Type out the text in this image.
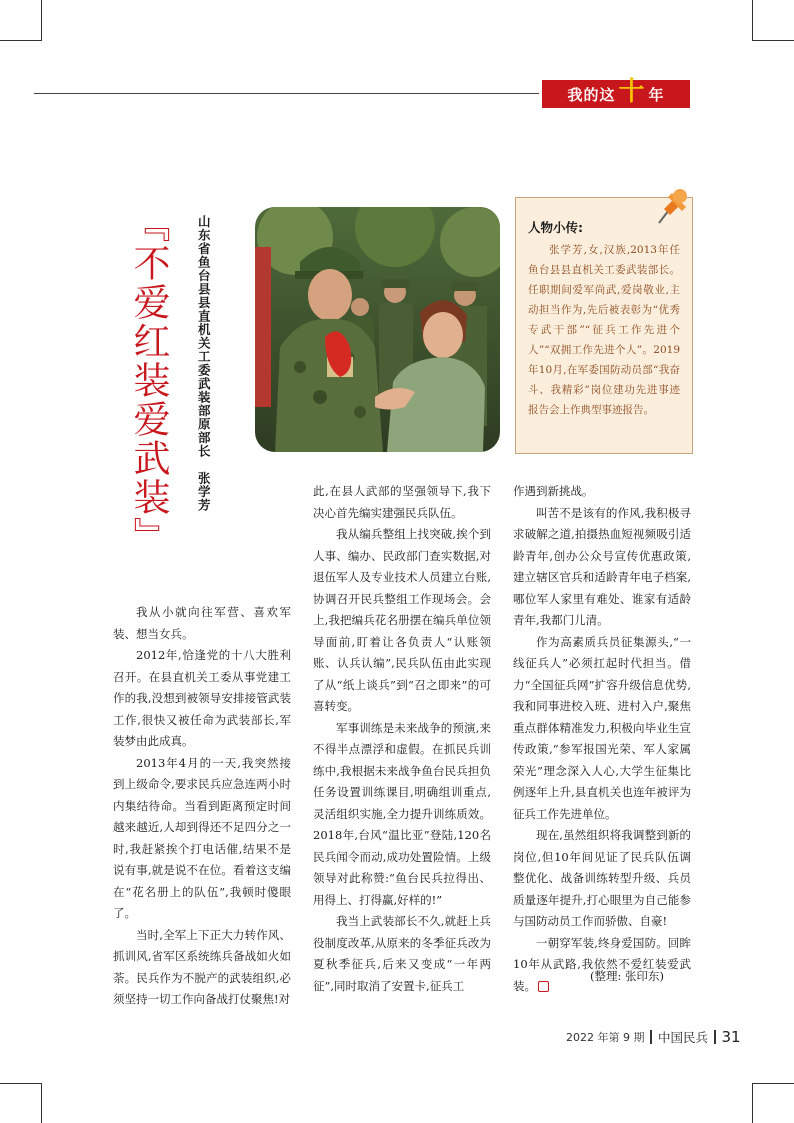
我的这 十 年
『不爱红装爱武装』 山东省鱼台县县直机关工委武装部原部长　张学芳	人物小传:

张学芳,女,汉族,2013年任鱼台县县直机关工委武装部长。任职期间爱军尚武,爱岗敬业,主动担当作为,先后被表彰为“优秀专武干部”“征兵工作先进个人”“双拥工作先进个人”。2019年10月,在军委国防动员部“我奋斗、我精彩”岗位建功先进事迹报告会上作典型事迹报告。

我从小就向往军营、喜欢军装、想当女兵。

2012年,恰逢党的十八大胜利召开。在县直机关工委从事党建工作的我,没想到被领导安排接管武装工作,很快又被任命为武装部长,军装梦由此成真。

2013年4月的一天,我突然接到上级命令,要求民兵应急连两小时内集结待命。当看到距离预定时间越来越近,人却到得还不足四分之一时,我赶紧挨个打电话催,结果不是说有事,就是说不在位。看着这支编在“花名册上的队伍”,我顿时傻眼了。

当时,全军上下正大力转作风、抓训风,省军区系统练兵备战如火如荼。民兵作为不脱产的武装组织,必须坚持一切工作向备战打仗聚焦!对

此,在县人武部的坚强领导下,我下决心首先编实建强民兵队伍。

我从编兵整组上找突破,挨个到人事、编办、民政部门查实数据,对退伍军人及专业技术人员建立台账,协调召开民兵整组工作现场会。会上,我把编兵花名册摆在编兵单位领导面前,盯着让各负责人“认账领账、认兵认编”,民兵队伍由此实现了从“纸上谈兵”到“召之即来”的可喜转变。

军事训练是未来战争的预演,来不得半点漂浮和虚假。在抓民兵训练中,我根据未来战争鱼台民兵担负任务设置训练课目,明确组训重点,灵活组织实施,全力提升训练质效。2018年,台风“温比亚”登陆,120名民兵闻令而动,成功处置险情。上级领导对此称赞:“鱼台民兵拉得出、用得上、打得赢,好样的!”

我当上武装部长不久,就赶上兵役制度改革,从原来的冬季征兵改为夏秋季征兵,后来又变成“一年两征”,同时取消了安置卡,征兵工

作遇到新挑战。

叫苦不是该有的作风,我积极寻求破解之道,拍摄热血短视频吸引适龄青年,创办公众号宣传优惠政策,建立辖区官兵和适龄青年电子档案,哪位军人家里有难处、谁家有适龄青年,我都门儿清。

作为高素质兵员征集源头,“一线征兵人”必须扛起时代担当。借力“全国征兵网”扩容升级信息优势,我和同事进校入班、进村入户,聚焦重点群体精准发力,积极向毕业生宣传政策,“参军报国光荣、军人家属荣光”理念深入人心,大学生征集比例逐年上升,县直机关也连年被评为征兵工作先进单位。

现在,虽然组织将我调整到新的岗位,但10年间见证了民兵队伍调整优化、战备训练转型升级、兵员质量逐年提升,打心眼里为自己能参与国防动员工作而骄傲、自豪!

一朝穿军装,终身爱国防。回眸10年从武路,我依然不爱红装爱武装。

(整理: 张印东)
2022 年第 9 期 中国民兵 31
